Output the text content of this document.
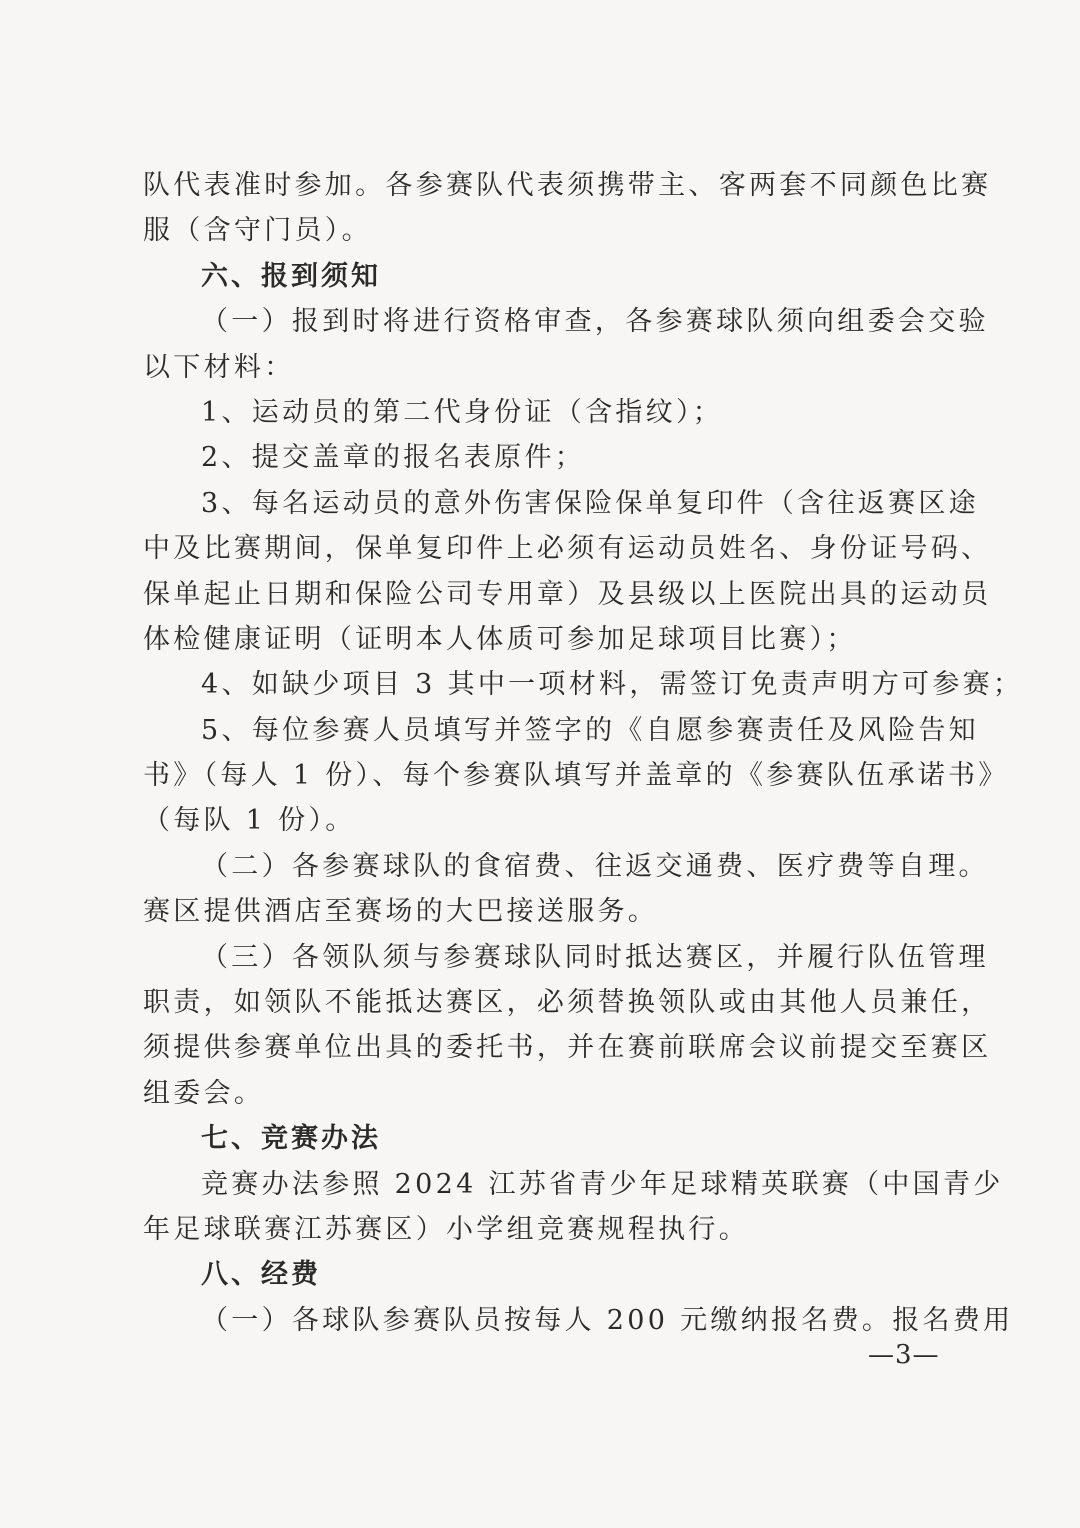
队代表准时参加。各参赛队代表须携带主、客两套不同颜色比赛
服（含守门员）。
六、报到须知
（一）报到时将进行资格审查，各参赛球队须向组委会交验
以下材料：
1、运动员的第二代身份证（含指纹）；
2、提交盖章的报名表原件；
3、每名运动员的意外伤害保险保单复印件（含往返赛区途
中及比赛期间，保单复印件上必须有运动员姓名、身份证号码、
保单起止日期和保险公司专用章）及县级以上医院出具的运动员
体检健康证明（证明本人体质可参加足球项目比赛）；
4、如缺少项目 3 其中一项材料，需签订免责声明方可参赛；
5、每位参赛人员填写并签字的《自愿参赛责任及风险告知
书》（每人 1 份）、每个参赛队填写并盖章的《参赛队伍承诺书》
（每队 1 份）。
（二）各参赛球队的食宿费、往返交通费、医疗费等自理。
赛区提供酒店至赛场的大巴接送服务。
（三）各领队须与参赛球队同时抵达赛区，并履行队伍管理
职责，如领队不能抵达赛区，必须替换领队或由其他人员兼任，
须提供参赛单位出具的委托书，并在赛前联席会议前提交至赛区
组委会。
七、竞赛办法
竞赛办法参照 2024 江苏省青少年足球精英联赛（中国青少
年足球联赛江苏赛区）小学组竞赛规程执行。
八、经费
（一）各球队参赛队员按每人 200 元缴纳报名费。报名费用
—3—
